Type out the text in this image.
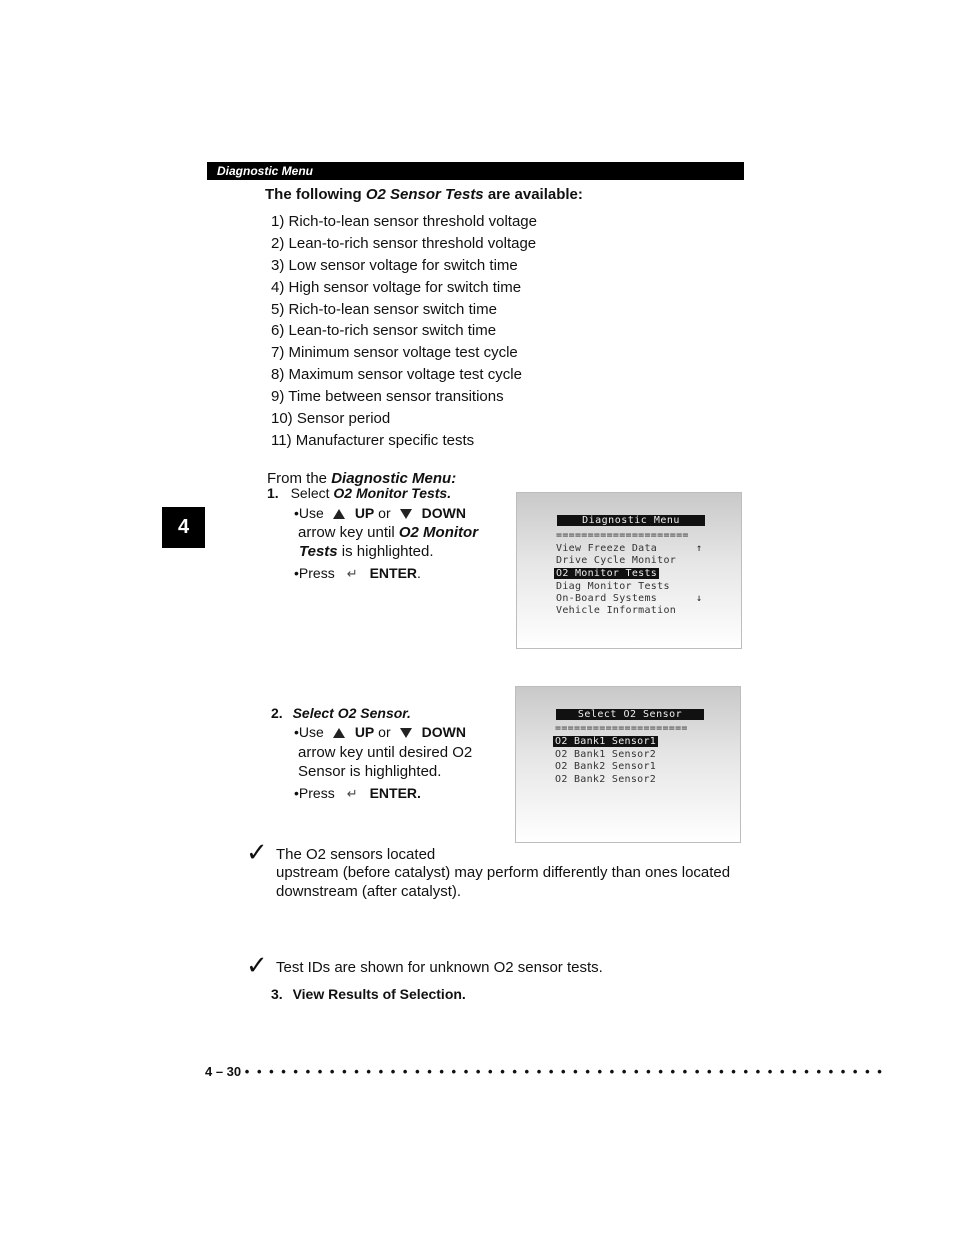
Diagnostic Menu
The following O2 Sensor Tests are available:
1) Rich-to-lean sensor threshold voltage
2) Lean-to-rich sensor threshold voltage
3) Low sensor voltage for switch time
4) High sensor voltage for switch time
5) Rich-to-lean sensor switch time
6) Lean-to-rich sensor switch time
7) Minimum sensor voltage test cycle
8) Maximum sensor voltage test cycle
9) Time between sensor transitions
10) Sensor period
11) Manufacturer specific tests
From the Diagnostic Menu:
4
1. Select O2 Monitor Tests.
•Use UP or DOWN
arrow key until O2 Monitor
Tests is highlighted.
•Press ↵ ENTER.
Diagnostic Menu
=====================
View Freeze Data	↑
Drive Cycle Monitor
O2 Monitor Tests
Diag Monitor Tests
On-Board Systems	↓
Vehicle Information
2. Select O2 Sensor.
•Use UP or DOWN
arrow key until desired O2
Sensor is highlighted.
•Press ↵ ENTER.
Select O2 Sensor
=====================
O2 Bank1 Sensor1
O2 Bank1 Sensor2
O2 Bank2 Sensor1
O2 Bank2 Sensor2
✓ The O2 sensors located
upstream (before catalyst) may perform differently than ones located
downstream (after catalyst).
✓ Test IDs are shown for unknown O2 sensor tests.
3. View Results of Selection.
4 – 30 • • • • • • • • • • • • • • • • • • • • • • • • • • • • • • • • • • • • • • • • • • • • • • • • • • • • •
